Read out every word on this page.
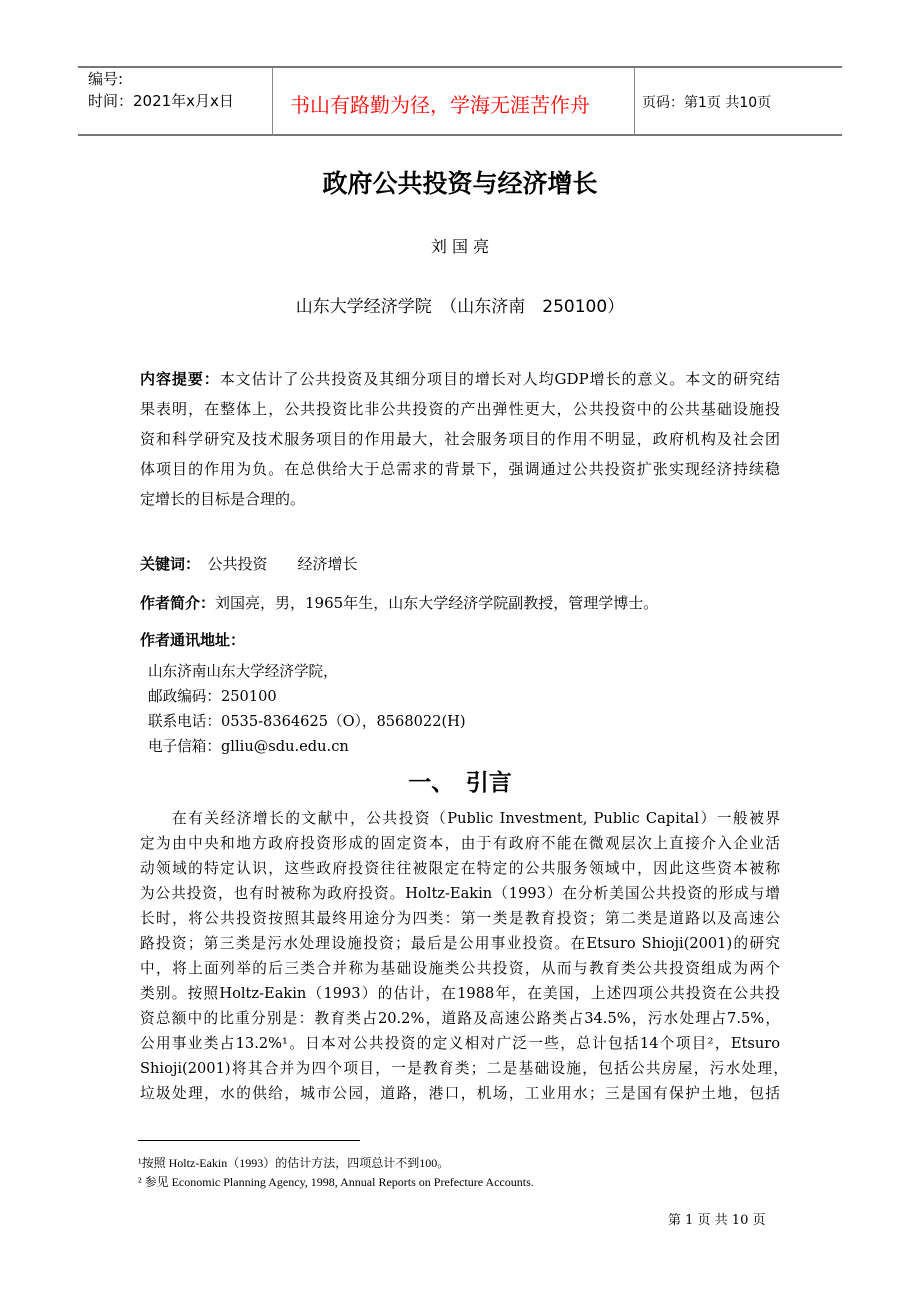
编号:
时间：2021年x月x日	书山有路勤为径，学海无涯苦作舟	页码：第1页 共10页
政府公共投资与经济增长
刘 国 亮
山东大学经济学院　（山东济南　250100）
内容提要：本文估计了公共投资及其细分项目的增长对人均GDP增长的意义。本文的研究结
果表明，在整体上，公共投资比非公共投资的产出弹性更大，公共投资中的公共基础设施投
资和科学研究及技术服务项目的作用最大，社会服务项目的作用不明显，政府机构及社会团
体项目的作用为负。在总供给大于总需求的背景下，强调通过公共投资扩张实现经济持续稳
定增长的目标是合理的。
关键词：　 公共投资　　经济增长
作者简介：刘国亮，男，1965年生，山东大学经济学院副教授，管理学博士。
作者通讯地址：
山东济南山东大学经济学院，
邮政编码：250100
联系电话：0535-8364625（O），8568022(H)
电子信箱：glliu@sdu.edu.cn
一、　引言
在有关经济增长的文献中，公共投资（Public Investment, Public Capital）一般被界
定为由中央和地方政府投资形成的固定资本，由于有政府不能在微观层次上直接介入企业活
动领域的特定认识，这些政府投资往往被限定在特定的公共服务领域中，因此这些资本被称
为公共投资，也有时被称为政府投资。Holtz-Eakin（1993）在分析美国公共投资的形成与增
长时，将公共投资按照其最终用途分为四类：第一类是教育投资；第二类是道路以及高速公
路投资；第三类是污水处理设施投资；最后是公用事业投资。在Etsuro Shioji(2001)的研究
中，将上面列举的后三类合并称为基础设施类公共投资，从而与教育类公共投资组成为两个
类别。按照Holtz-Eakin（1993）的估计，在1988年，在美国，上述四项公共投资在公共投
资总额中的比重分别是：教育类占20.2%，道路及高速公路类占34.5%，污水处理占7.5%，
公用事业类占13.2%¹。日本对公共投资的定义相对广泛一些，总计包括14个项目²，Etsuro
Shioji(2001)将其合并为四个项目，一是教育类；二是基础设施，包括公共房屋，污水处理，
垃圾处理，水的供给，城市公园，道路，港口，机场，工业用水；三是国有保护土地，包括
¹按照 Holtz-Eakin（1993）的估计方法，四项总计不到100。
² 参见 Economic Planning Agency, 1998, Annual Reports on Prefecture Accounts.
第 1 页 共 10 页
